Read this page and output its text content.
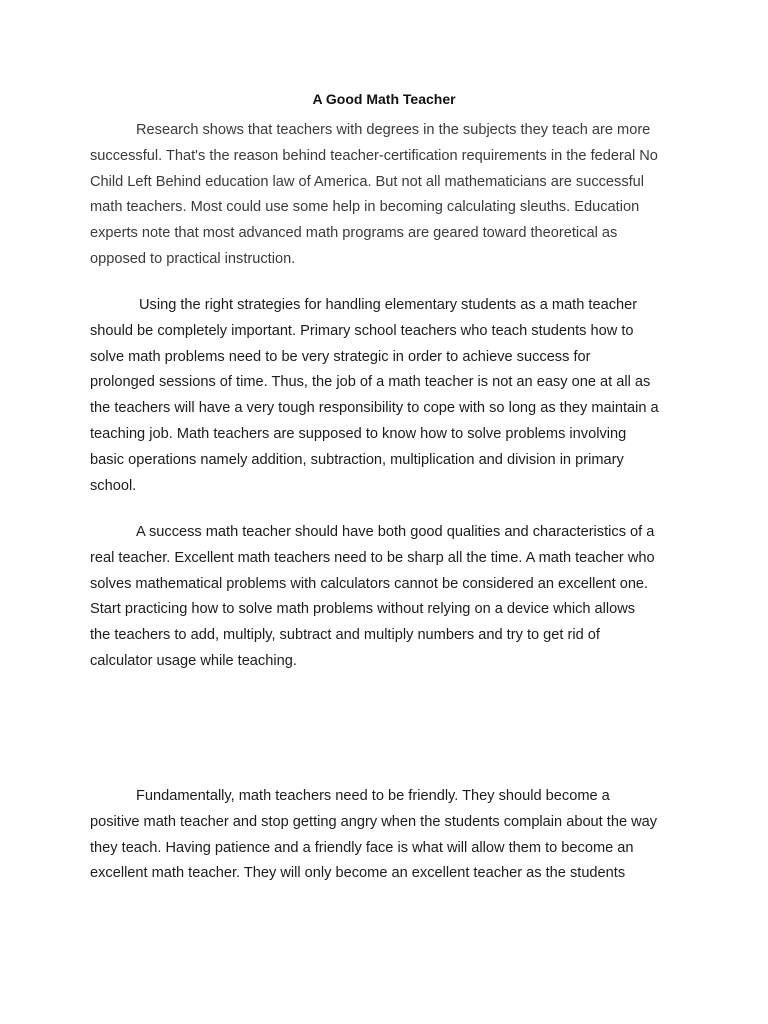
A Good Math Teacher

Research shows that teachers with degrees in the subjects they teach are more
successful. That's the reason behind teacher-certification requirements in the federal No
Child Left Behind education law of America. But not all mathematicians are successful
math teachers. Most could use some help in becoming calculating sleuths. Education
experts note that most advanced math programs are geared toward theoretical as
opposed to practical instruction.

Using the right strategies for handling elementary students as a math teacher
should be completely important. Primary school teachers who teach students how to
solve math problems need to be very strategic in order to achieve success for
prolonged sessions of time. Thus, the job of a math teacher is not an easy one at all as
the teachers will have a very tough responsibility to cope with so long as they maintain a
teaching job. Math teachers are supposed to know how to solve problems involving
basic operations namely addition, subtraction, multiplication and division in primary
school.

A success math teacher should have both good qualities and characteristics of a
real teacher. Excellent math teachers need to be sharp all the time. A math teacher who
solves mathematical problems with calculators cannot be considered an excellent one.
Start practicing how to solve math problems without relying on a device which allows
the teachers to add, multiply, subtract and multiply numbers and try to get rid of
calculator usage while teaching.

Fundamentally, math teachers need to be friendly. They should become a
positive math teacher and stop getting angry when the students complain about the way
they teach. Having patience and a friendly face is what will allow them to become an
excellent math teacher. They will only become an excellent teacher as the students
